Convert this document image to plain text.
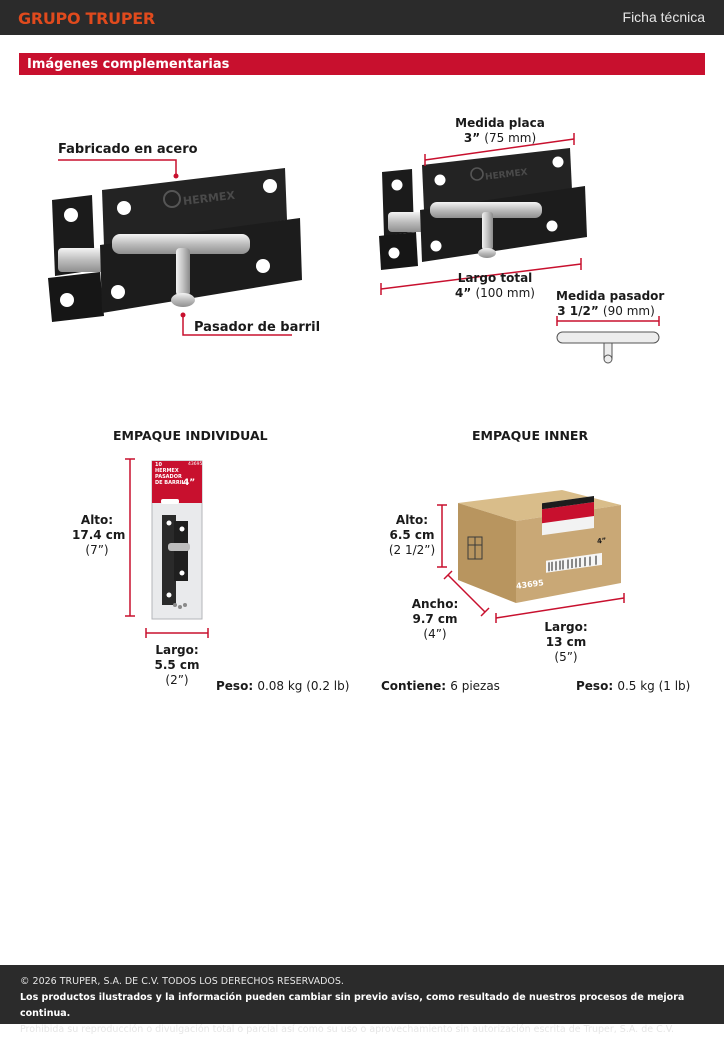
GRUPO TRUPER	Ficha técnica
Imágenes complementarias
HERMEX
HERMEX
Fabricado en acero
Pasador de barril
Medida placa
3” (75 mm)
Largo total
4” (100 mm)	Medida pasador
3 1/2” (90 mm)
EMPAQUE INDIVIDUAL
10
HERMEX
PASADOR
DE BARRIL
4”
43695
Alto:
17.4 cm
(7”)
Largo:
5.5 cm
(2”)	Peso: 0.08 kg (0.2 lb)
EMPAQUE INNER
43695
4”
Alto:
6.5 cm
(2 1/2”)
Ancho:
9.7 cm
(4”)	Largo:
13 cm
(5”)
Contiene: 6 piezas	Peso: 0.5 kg (1 lb)
© 2026 TRUPER, S.A. DE C.V. TODOS LOS DERECHOS RESERVADOS.
Los productos ilustrados y la información pueden cambiar sin previo aviso, como resultado de nuestros procesos de mejora continua.
Prohibida su reproducción o divulgación total o parcial así como su uso o aprovechamiento sin autorización escrita de Truper, S.A. de C.V.
